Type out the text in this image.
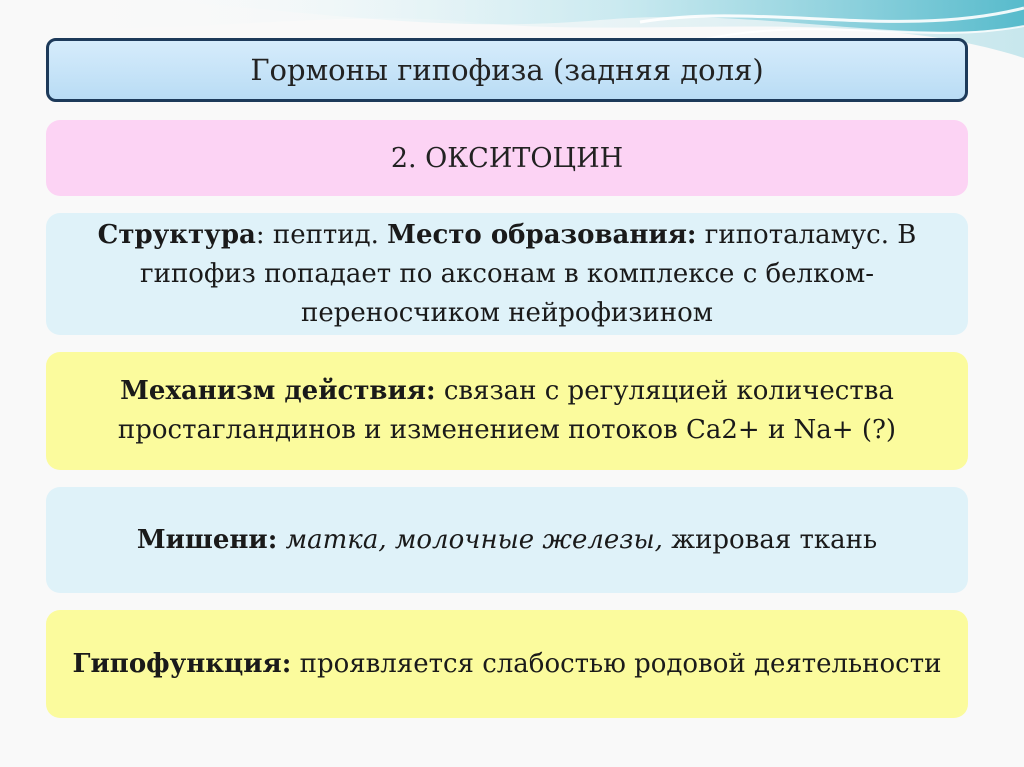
Гормоны гипофиза (задняя доля)
2. ОКСИТОЦИН

Структура: пептид. Место образования: гипоталамус. В гипофиз попадает по аксонам в комплексе с белком-переносчиком нейрофизином

Механизм действия: связан с регуляцией количества простагландинов и изменением потоков Са2+ и Na+ (?)

Мишени: матка, молочные железы, жировая ткань

Гипофункция: проявляется слабостью родовой деятельности
